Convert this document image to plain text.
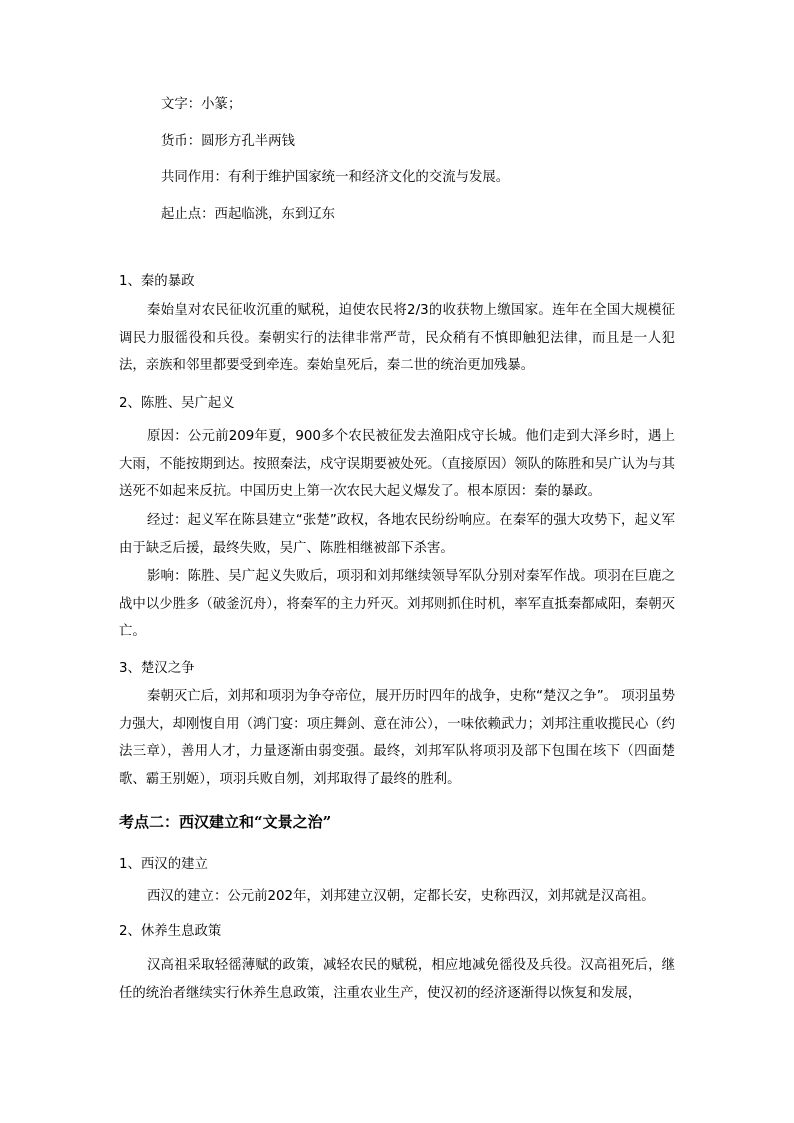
文字：小篆；
货币：圆形方孔半两钱
共同作用：有利于维护国家统一和经济文化的交流与发展。
起止点：西起临洮，东到辽东
1、秦的暴政

秦始皇对农民征收沉重的赋税，迫使农民将2/3的收获物上缴国家。连年在全国大规模征调民力服徭役和兵役。秦朝实行的法律非常严苛，民众稍有不慎即触犯法律，而且是一人犯法，亲族和邻里都要受到牵连。秦始皇死后，秦二世的统治更加残暴。

2、陈胜、吴广起义

原因：公元前209年夏，900多个农民被征发去渔阳戍守长城。他们走到大泽乡时，遇上大雨，不能按期到达。按照秦法，戍守误期要被处死。（直接原因）领队的陈胜和吴广认为与其送死不如起来反抗。中国历史上第一次农民大起义爆发了。根本原因：秦的暴政。

经过：起义军在陈县建立“张楚”政权，各地农民纷纷响应。在秦军的强大攻势下，起义军由于缺乏后援，最终失败，吴广、陈胜相继被部下杀害。

影响：陈胜、吴广起义失败后，项羽和刘邦继续领导军队分别对秦军作战。项羽在巨鹿之战中以少胜多（破釜沉舟），将秦军的主力歼灭。刘邦则抓住时机，率军直抵秦都咸阳，秦朝灭亡。

3、楚汉之争

秦朝灭亡后，刘邦和项羽为争夺帝位，展开历时四年的战争，史称“楚汉之争”。 项羽虽势力强大，却刚愎自用（鸿门宴：项庄舞剑、意在沛公），一味依赖武力；刘邦注重收揽民心（约法三章），善用人才，力量逐渐由弱变强。最终，刘邦军队将项羽及部下包围在垓下（四面楚歌、霸王别姬），项羽兵败自刎，刘邦取得了最终的胜利。

考点二：西汉建立和“文景之治”
1、西汉的建立

西汉的建立：公元前202年，刘邦建立汉朝，定都长安，史称西汉，刘邦就是汉高祖。

2、休养生息政策

汉高祖采取轻徭薄赋的政策，减轻农民的赋税，相应地减免徭役及兵役。汉高祖死后，继任的统治者继续实行休养生息政策，注重农业生产，使汉初的经济逐渐得以恢复和发展，
